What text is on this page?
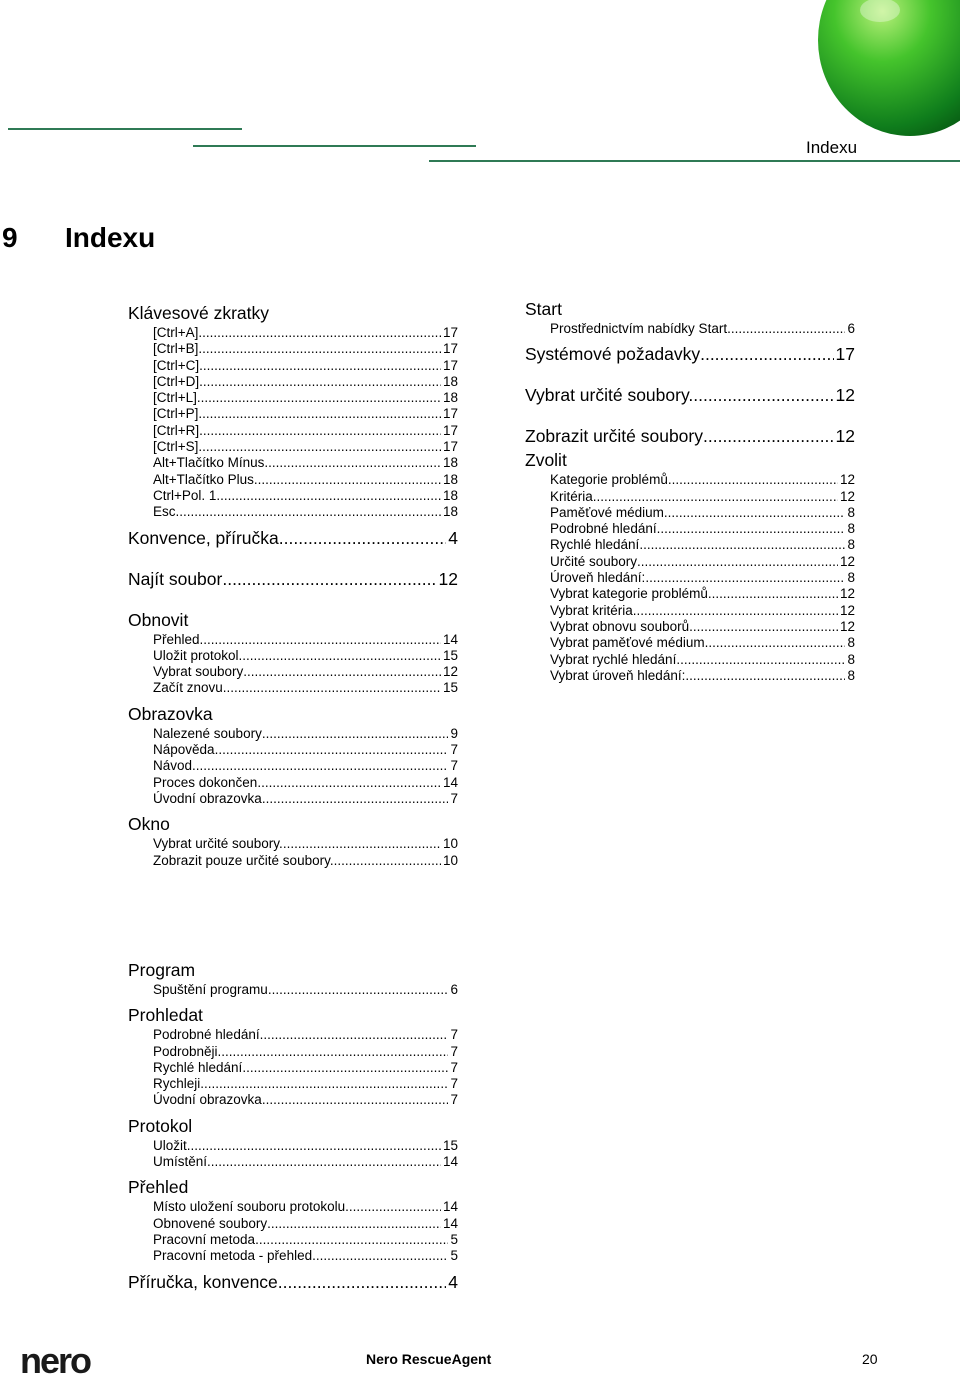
Indexu
9 Indexu
Klávesové zkratky
[Ctrl+A] .....	17
[Ctrl+B] .....	17
[Ctrl+C] .....	17
[Ctrl+D] .....	18
[Ctrl+L] .....	18
[Ctrl+P] .....	17
[Ctrl+R] .....	17
[Ctrl+S] .....	17
Alt+Tlačítko Mínus .....	18
Alt+Tlačítko Plus .....	18
Ctrl+Pol. 1 .....	18
Esc .....	18
Konvence, příručka .....	4
Najít soubor .....	12
Obnovit
Přehled .....	14
Uložit protokol .....	15
Vybrat soubory .....	12
Začít znovu .....	15
Obrazovka
Nalezené soubory .....	9
Nápověda .....	7
Návod .....	7
Proces dokončen .....	14
Úvodní obrazovka .....	7
Okno
Vybrat určité soubory. .....	10
Zobrazit pouze určité soubory. .....	10
Program
Spuštění programu .....	6
Prohledat
Podrobné hledání .....	7
Podrobněji .....	7
Rychlé hledání .....	7
Rychleji .....	7
Úvodní obrazovka .....	7
Protokol
Uložit .....	15
Umístění .....	14
Přehled
Místo uložení souboru protokolu .....	14
Obnovené soubory .....	14
Pracovní metoda .....	5
Pracovní metoda - přehled .....	5
Příručka, konvence .....	4
Start
Prostřednictvím nabídky Start .....	6
Systémové požadavky .....	17
Vybrat určité soubory. .....	12
Zobrazit určité soubory .....	12
Zvolit
Kategorie problémů .....	12
Kritéria .....	12
Paměťové médium .....	8
Podrobné hledání .....	8
Rychlé hledání .....	8
Určité soubory .....	12
Úroveň hledání: .....	8
Vybrat kategorie problémů .....	12
Vybrat kritéria .....	12
Vybrat obnovu souborů .....	12
Vybrat paměťové médium. .....	8
Vybrat rychlé hledání .....	8
Vybrat úroveň hledání: .....	8
nero	Nero RescueAgent	20
